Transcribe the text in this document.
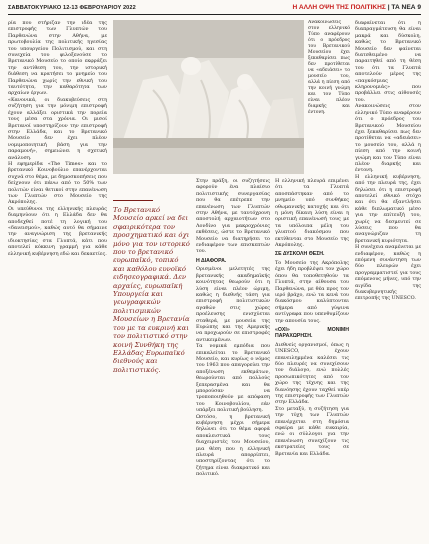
ΣΑΒΒΑΤΟΚΥΡΙΑΚΟ 12-13 ΦΕΒΡΟΥΑΡΙΟΥ 2022	Η ΑΛΛΗ ΟΨΗ ΤΗΣ ΠΟΛΙΤΙΚΗΣ | ΤΑ ΝΕΑ 9

ρία που στήριζαν την ιδέα της επιστροφής των Γλυπτών του Παρθενώνα στην Αθήνα, με πρωτοβουλία της πολιτικής ηγεσίας του υπουργείου Πολιτισμού, και στη συνεχεία του φιλοξενούσε το Βρετανικό Μουσείο το οποίο εκφράζει την αντίθεση του, την ιστορική διάθεση να κρατήσει το μνημείο του Παρθενώνα χωρίς την εθνική του ταυτότητα, την καθαρότητα των αρχαίων έργων.

«Κανονικά, οι διακυβεύσεις στη συζήτηση για την μόνιμη επιστροφή έχουν αλλάξει οριστικά την πορεία τους μέσα στα χρόνια. Οι μισοί Βρετανοί υποστηρίζουν την επιστροφή στην Ελλάδα, και το Βρετανικό Μουσείο δεν έχει πλέον νομιμοποιητική βάση για την παραμονή», σημειώνει η σχετική ανάλυση.

Η εφημερίδα «The Times» και το βρετανικό Κοινοβούλιο επανέρχονται συχνά στο θέμα, με δημοσκοπήσεις που δείχνουν ότι πάνω από το 50% των πολιτών είναι θετικοί στην επανένωση των Γλυπτών στο Μουσείο της Ακρόπολης.

Οι υπεύθυνοι της ελληνικής πλευράς διαμηνύουν ότι η Ελλάδα δεν θα αποδεχθεί ποτέ τη λογική του «δανεισμού», καθώς αυτό θα σήμαινε την αναγνώριση της βρετανικής ιδιοκτησίας στα Γλυπτά, κάτι που αποτελεί κόκκινη γραμμή για κάθε ελληνική κυβέρνηση εδώ και δεκαετίες.

Το Βρετανικό Μουσείο αρκεί να δει σφαιρικότερα τον προσχηματικό και όχι μόνο για τον ιστορικό που το βρετανικό ευρωπαϊκό, τοπικό και καθόλου ευνοϊκό ειδησεογραφικά. Δεν αρχαίες, ευρωπαϊκή Υπουργεία και γεωγραφικών πολιτισμικών Μουσείων η Βρετανία του με τα ευκρινή και τον πολιτιστικό στην κοινή Συνθήκη της Ελλάδας Ευρωπαϊκό διεθνούς και πολιτιστικός.

Στην πράξη, οι συζητήσεις αφορούν ένα πλαίσιο πολιτιστικής συνεργασίας που θα επέτρεπε την επανένωση των Γλυπτών στην Αθήνα, με ταυτόχρονη αποστολή αρχαιοτήτων στο Λονδίνο για μακροχρόνιες εκθέσεις, ώστε το Βρετανικό Μουσείο να διατηρήσει το ενδιαφέρον των επισκεπτών του.

Η ΔΙΑΦΟΡΑ.

Ορισμένοι μελετητές της βρετανικής ακαδημαϊκής κοινότητας θεωρούν ότι η λύση είναι πλέον ώριμη, καθώς η διεθνής τάση για επιστροφή πολιτιστικών αγαθών στις χώρες προέλευσης ενισχύεται σταθερά, με μουσεία της Ευρώπης και της Αμερικής να προχωρούν σε επιστροφές αντικειμένων.

Τα νομικά εμπόδια που επικαλείται το Βρετανικό Μουσείο, και κυρίως ο νόμος του 1963 που απαγορεύει την αποξένωση εκθεμάτων, θεωρούνται από πολλούς ξεπερασμένα και θα μπορούσαν να τροποποιηθούν με απόφαση του Κοινοβουλίου, εάν υπάρξει πολιτική βούληση.

Ωστόσο, η βρετανική κυβέρνηση μέχρι σήμερα δηλώνει ότι το θέμα αφορά αποκλειστικά τους διαχειριστές του Μουσείου, μια θέση που η ελληνική πλευρά απορρίπτει, υποστηρίζοντας ότι το ζήτημα είναι διακρατικό και πολιτικό.

Η ελληνική πλευρά επιμένει ότι τα Γλυπτά αποσπάστηκαν από το μνημείο υπό συνθήκες οθωμανικής κατοχής και ότι η μόνη δίκαιη λύση είναι η οριστική επανένωσή τους με τα υπόλοιπα μέλη του γλυπτού διακόσμου που εκτίθενται στο Μουσείο της Ακρόπολης.

ΣΕ ΔΥΣΚΟΛΗ ΘΕΣΗ.

Το Μουσείο της Ακρόπολης έχει ήδη προβλέψει τον χώρο όπου θα τοποθετηθούν τα Γλυπτά, στην αίθουσα του Παρθενώνα, με θέα προς τον ιερό βράχο, ενώ τα κενά του διακόσμου καλύπτονται σήμερα από γύψινα αντίγραφα που υπενθυμίζουν την απουσία τους.

«ΟΧΙ» ΜΟΝΙΜΗ ΠΑΡΑΧΩΡΗΣΗ.

Διεθνείς οργανισμοί, όπως η UNESCO, έχουν επανειλημμένα καλέσει τις δύο πλευρές να συνεχίσουν τον διάλογο, ενώ πολλές προσωπικότητες από τον χώρο της τέχνης και της διανόησης έχουν ταχθεί υπέρ της επιστροφής των Γλυπτών στην Ελλάδα.

Στο μεταξύ, η συζήτηση για την τύχη των Γλυπτών επανέρχεται στη δημόσια σφαίρα με κάθε ευκαιρία, ενώ οι σύλλογοι για την επανένωση συνεχίζουν τις εκστρατείες τους σε Βρετανία και Ελλάδα.

διαφαίνεται ότι η διαπραγμάτευση θα είναι μακρά και δύσκολη, καθώς το Βρετανικό Μουσείο δεν φαίνεται διατεθειμένο να παραιτηθεί από τη θέση του ότι τα Γλυπτά αποτελούν μέρος της «παγκόσμιας κληρονομιάς» που προβάλλει στις αίθουσές του.

Ανακοινώσεις στον ελληνικό Τύπο αναφέρουν ότι ο πρόεδρος του Βρετανικού Μουσείου έχει ξεκαθαρίσει πως δεν προτίθεται να «αδειάσει» το μουσείο του, αλλά η πίεση από την κοινή γνώμη και τον Τύπο είναι πλέον διαρκής και έντονη.

Η ελληνική κυβέρνηση, από την πλευρά της, έχει δηλώσει ότι η επιστροφή αποτελεί εθνικό στόχο και ότι θα εξαντλήσει κάθε διπλωματικό μέσο για την επίτευξή του, χωρίς να δεσμευτεί σε λύσεις που θα αναγνώριζαν τη βρετανική κυριότητα.

Η συνέχεια αναμένεται με ενδιαφέρον, καθώς η επόμενη συνάντηση των δύο πλευρών έχει προγραμματιστεί για τους επόμενους μήνες, υπό την αιγίδα της διακυβερνητικής επιτροπής της UNESCO.

Ανακοινώσεις στον ελληνικό Τύπο αναφέρουν ότι ο πρόεδρος του Βρετανικού Μουσείου έχει ξεκαθαρίσει πως δεν προτίθεται να «αδειάσει» το μουσείο του, αλλά η πίεση από την κοινή γνώμη και τον Τύπο είναι πλέον διαρκής και έντονη.
